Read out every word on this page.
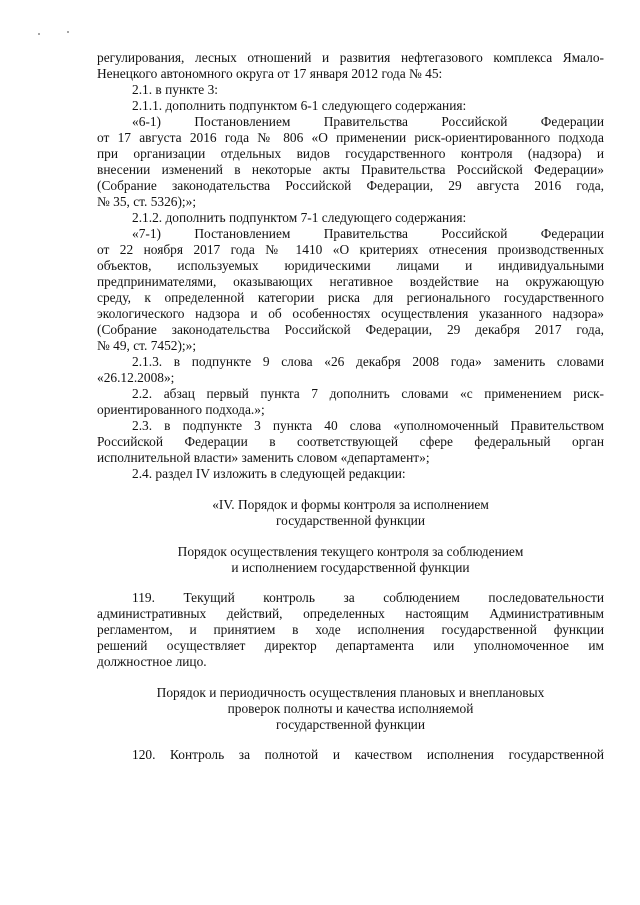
регулирования, лесных отношений и развития нефтегазового комплекса Ямало-
Ненецкого автономного округа от 17 января 2012 года № 45:
2.1. в пункте 3:
2.1.1. дополнить подпунктом 6-1 следующего содержания:
«6-1) Постановлением Правительства Российской Федерации
от 17 августа 2016 года № 806 «О применении риск-ориентированного подхода
при организации отдельных видов государственного контроля (надзора) и
внесении изменений в некоторые акты Правительства Российской Федерации»
(Собрание законодательства Российской Федерации, 29 августа 2016 года,
№ 35, ст. 5326);»;
2.1.2. дополнить подпунктом 7-1 следующего содержания:
«7-1) Постановлением Правительства Российской Федерации
от 22 ноября 2017 года № 1410 «О критериях отнесения производственных
объектов, используемых юридическими лицами и индивидуальными
предпринимателями, оказывающих негативное воздействие на окружающую
среду, к определенной категории риска для регионального государственного
экологического надзора и об особенностях осуществления указанного надзора»
(Собрание законодательства Российской Федерации, 29 декабря 2017 года,
№ 49, ст. 7452);»;
2.1.3. в подпункте 9 слова «26 декабря 2008 года» заменить словами
«26.12.2008»;
2.2. абзац первый пункта 7 дополнить словами «с применением риск-
ориентированного подхода.»;
2.3. в подпункте 3 пункта 40 слова «уполномоченный Правительством
Российской Федерации в соответствующей сфере федеральный орган
исполнительной власти» заменить словом «департамент»;
2.4. раздел IV изложить в следующей редакции:
«IV. Порядок и формы контроля за исполнением
государственной функции
Порядок осуществления текущего контроля за соблюдением
и исполнением государственной функции
119. Текущий контроль за соблюдением последовательности
административных действий, определенных настоящим Административным
регламентом, и принятием в ходе исполнения государственной функции
решений осуществляет директор департамента или уполномоченное им
должностное лицо.
Порядок и периодичность осуществления плановых и внеплановых
проверок полноты и качества исполняемой
государственной функции
120. Контроль за полнотой и качеством исполнения государственной
